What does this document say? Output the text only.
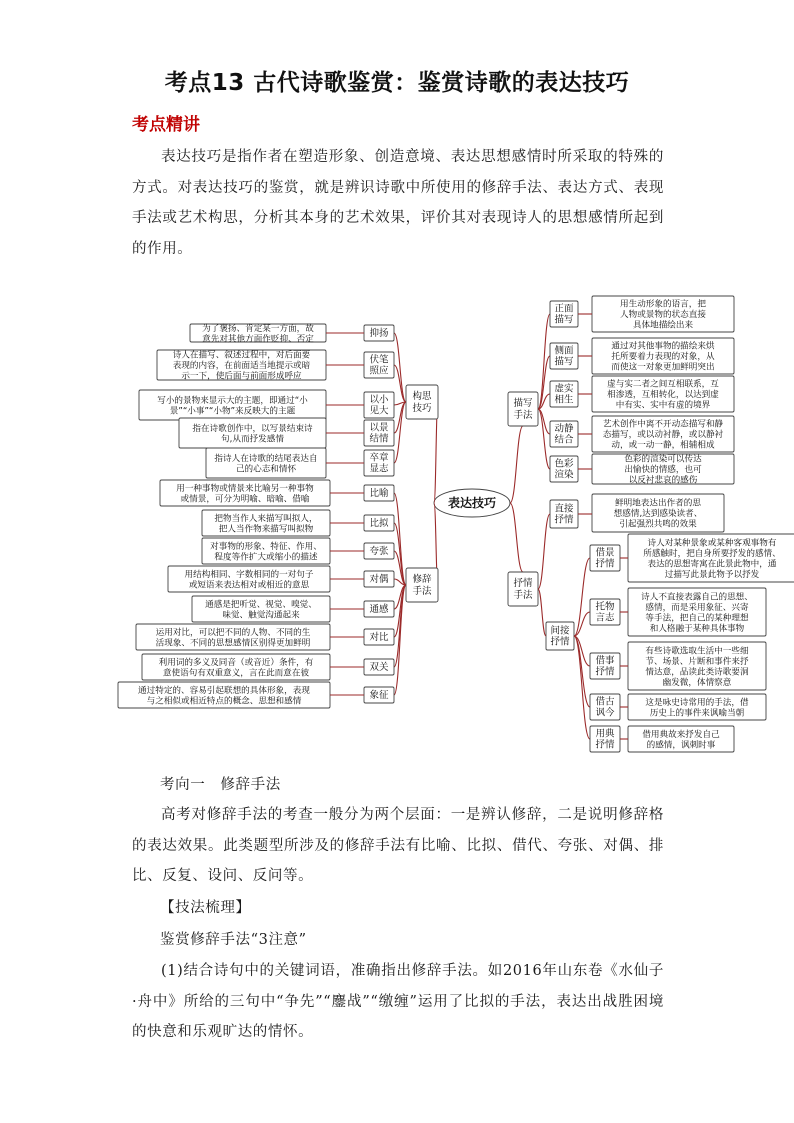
考点13 古代诗歌鉴赏：鉴赏诗歌的表达技巧
考点精讲

表达技巧是指作者在塑造形象、创造意境、表达思想感情时所采取的特殊的方式。对表达技巧的鉴赏，就是辨识诗歌中所使用的修辞手法、表达方式、表现手法或艺术构思，分析其本身的艺术效果，评价其对表现诗人的思想感情所起到的作用。

表达技巧
构思技巧
抑扬
为了褒扬、肯定某一方面，故意先对其他方面作贬抑、否定
伏笔照应
诗人在描写、叙述过程中，对后面要表现的内容，在前面适当地提示或暗示一下，使后面与前面形成呼应
以小见大
写小的景物来显示大的主题，即通过“小景”“小事”“小物”来反映大的主题
以景结情
指在诗歌创作中，以写景结束诗句,从而抒发感情
卒章显志
指诗人在诗歌的结尾表达自己的心志和情怀
修辞手法
比喻
用一种事物或情景来比喻另一种事物或情景，可分为明喻、暗喻、借喻
比拟
把物当作人来描写叫拟人，把人当作物来描写叫拟物
夸张
对事物的形象、特征、作用、程度等作扩大或缩小的描述
对偶
用结构相同、字数相同的一对句子或短语来表达相对或相近的意思
通感
通感是把听觉、视觉、嗅觉、味觉、触觉沟通起来
对比
运用对比，可以把不同的人物、不同的生活现象、不同的思想感情区别得更加鲜明
双关
利用词的多义及同音（或音近）条件，有意使语句有双重意义，言在此而意在彼
象征
通过特定的、容易引起联想的具体形象，表现与之相似或相近特点的概念、思想和感情
描写手法
正面描写
用生动形象的语言，把人物或景物的状态直接具体地描绘出来
侧面描写
通过对其他事物的描绘来烘托所要着力表现的对象，从而使这一对象更加鲜明突出
虚实相生
虚与实二者之间互相联系，互相渗透，互相转化，以达到虚中有实、实中有虚的境界
动静结合
艺术创作中离不开动态描写和静态描写，或以动衬静，或以静衬动，或一动一静，相辅相成
色彩渲染
色彩的渲染可以传达出愉快的情感，也可以反衬悲哀的感伤
抒情手法
直接抒情
鲜明地表达出作者的思想感情,达到感染读者、引起强烈共鸣的效果
间接抒情
借景抒情
诗人对某种景象或某种客观事物有所感触时，把自身所要抒发的感情、表达的思想寄寓在此景此物中，通过描写此景此物予以抒发
托物言志
诗人不直接表露自己的思想、感情，而是采用象征、兴寄等手法，把自己的某种理想和人格融于某种具体事物
借事抒情
有些诗歌选取生活中一些细节、场景、片断和事件来抒情达意，品读此类诗歌要洞幽发微，体情察意
借古讽今
这是咏史诗常用的手法，借历史上的事件来讽喻当朝
用典抒情
借用典故来抒发自己的感情，讽刺时事

考向一　修辞手法

高考对修辞手法的考查一般分为两个层面：一是辨认修辞，二是说明修辞格的表达效果。此类题型所涉及的修辞手法有比喻、比拟、借代、夸张、对偶、排比、反复、设问、反问等。

【技法梳理】

鉴赏修辞手法“3注意”

(1)结合诗句中的关键词语，准确指出修辞手法。如2016年山东卷《水仙子·舟中》所给的三句中“争先”“鏖战”“缴缠”运用了比拟的手法，表达出战胜困境的快意和乐观旷达的情怀。
